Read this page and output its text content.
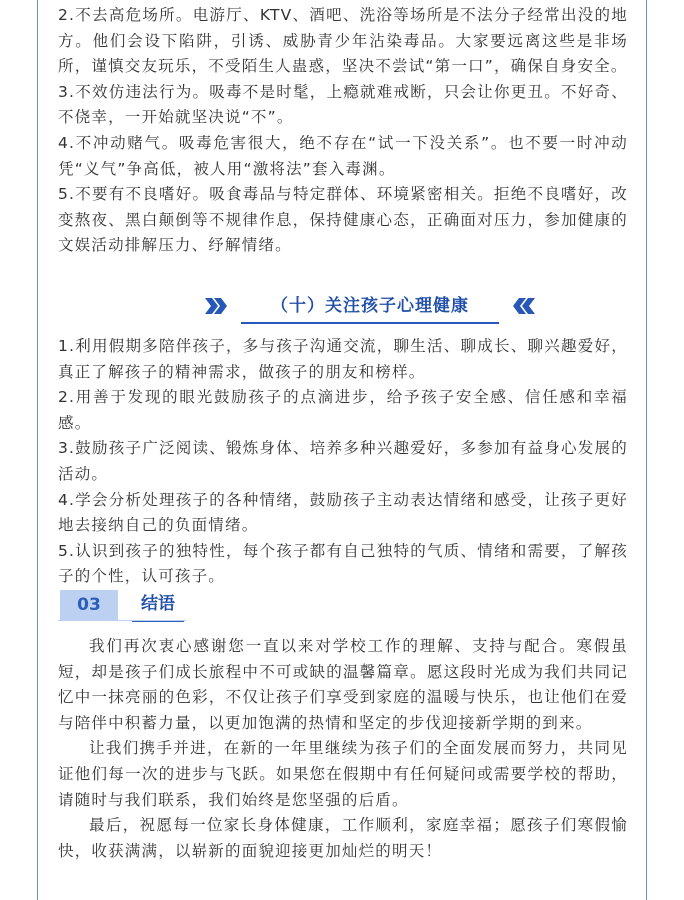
2.不去高危场所。电游厅、KTV、酒吧、洗浴等场所是不法分子经常出没的地方。他们会设下陷阱，引诱、威胁青少年沾染毒品。大家要远离这些是非场所，谨慎交友玩乐，不受陌生人蛊惑，坚决不尝试“第一口”，确保自身安全。

3.不效仿违法行为。吸毒不是时髦，上瘾就难戒断，只会让你更丑。不好奇、不侥幸，一开始就坚决说“不”。

4.不冲动赌气。吸毒危害很大，绝不存在“试一下没关系”。也不要一时冲动凭“义气”争高低，被人用“激将法”套入毒渊。

5.不要有不良嗜好。吸食毒品与特定群体、环境紧密相关。拒绝不良嗜好，改变熬夜、黑白颠倒等不规律作息，保持健康心态，正确面对压力，参加健康的文娱活动排解压力、纾解情绪。

（十）关注孩子心理健康

1.利用假期多陪伴孩子，多与孩子沟通交流，聊生活、聊成长、聊兴趣爱好，真正了解孩子的精神需求，做孩子的朋友和榜样。

2.用善于发现的眼光鼓励孩子的点滴进步，给予孩子安全感、信任感和幸福感。

3.鼓励孩子广泛阅读、锻炼身体、培养多种兴趣爱好，多参加有益身心发展的活动。

4.学会分析处理孩子的各种情绪，鼓励孩子主动表达情绪和感受，让孩子更好地去接纳自己的负面情绪。

5.认识到孩子的独特性，每个孩子都有自己独特的气质、情绪和需要，了解孩子的个性，认可孩子。

03	结语

我们再次衷心感谢您一直以来对学校工作的理解、支持与配合。寒假虽短，却是孩子们成长旅程中不可或缺的温馨篇章。愿这段时光成为我们共同记忆中一抹亮丽的色彩，不仅让孩子们享受到家庭的温暖与快乐，也让他们在爱与陪伴中积蓄力量，以更加饱满的热情和坚定的步伐迎接新学期的到来。

让我们携手并进，在新的一年里继续为孩子们的全面发展而努力，共同见证他们每一次的进步与飞跃。如果您在假期中有任何疑问或需要学校的帮助，请随时与我们联系，我们始终是您坚强的后盾。

最后，祝愿每一位家长身体健康，工作顺利，家庭幸福；愿孩子们寒假愉快，收获满满，以崭新的面貌迎接更加灿烂的明天！
